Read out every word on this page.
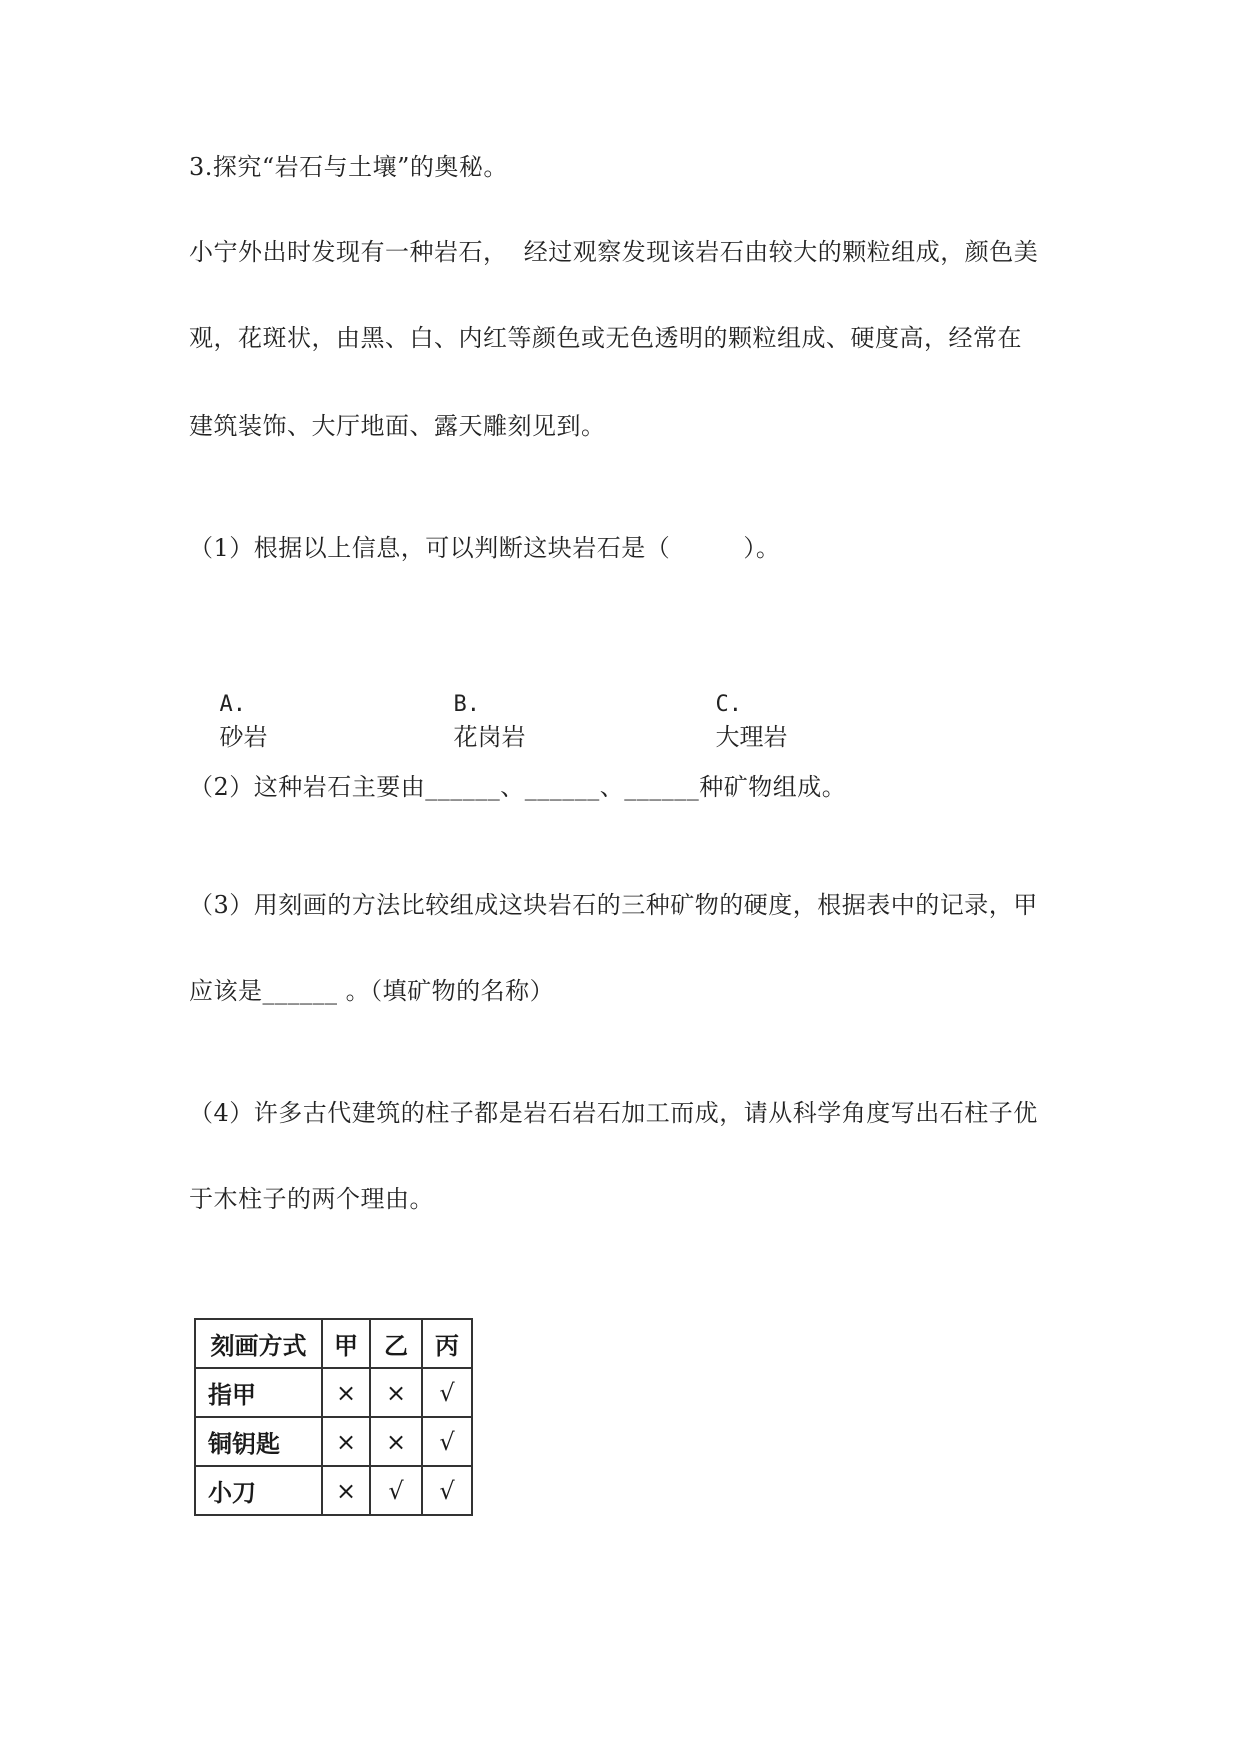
3.探究“岩石与土壤”的奥秘。
小宁外出时发现有一种岩石，  经过观察发现该岩石由较大的颗粒组成，颜色美
观，花斑状，由黑、白、内红等颜色或无色透明的颗粒组成、硬度高，经常在
建筑装饰、大厅地面、露天雕刻见到。
（1）根据以上信息，可以判断这块岩石是（         ）。

A.
砂岩

B.
花岗岩

C.
大理岩

（2）这种岩石主要由______、______、______种矿物组成。
（3）用刻画的方法比较组成这块岩石的三种矿物的硬度，根据表中的记录，甲
应该是______ 。（填矿物的名称）
（4）许多古代建筑的柱子都是岩石岩石加工而成，请从科学角度写出石柱子优
于木柱子的两个理由。
刻画方式	甲	乙	丙
指甲	×	×	√
铜钥匙	×	×	√
小刀	×	√	√
